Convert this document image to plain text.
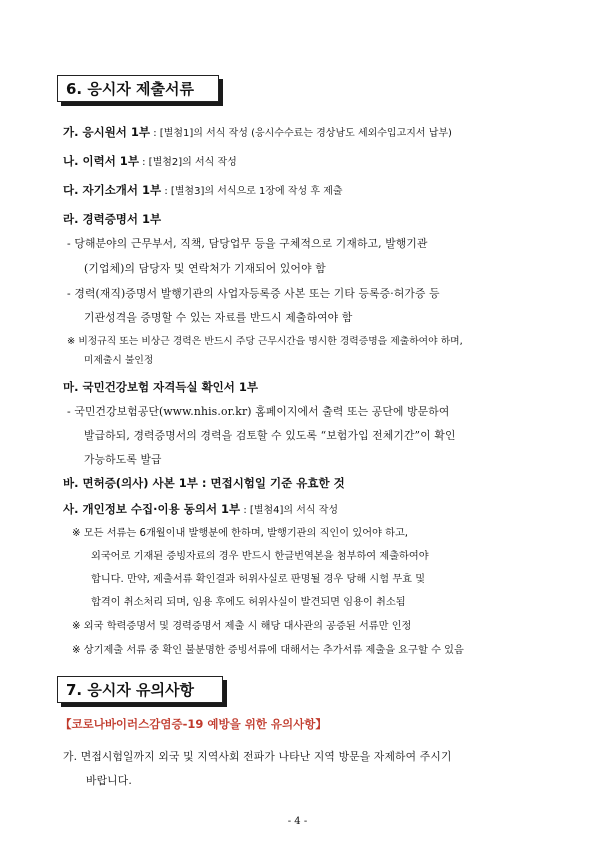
6. 응시자 제출서류
가. 응시원서 1부 : [별첨1]의 서식 작성 (응시수수료는 경상남도 세외수입고지서 납부)
나. 이력서 1부 : [별첨2]의 서식 작성
다. 자기소개서 1부 : [별첨3]의 서식으로 1장에 작성 후 제출
라. 경력증명서 1부
- 당해분야의 근무부서, 직책, 담당업무 등을 구체적으로 기재하고, 발행기관
(기업체)의 담당자 및 연락처가 기재되어 있어야 함
- 경력(재직)증명서 발행기관의 사업자등록증 사본 또는 기타 등록증·허가증 등
기관성격을 증명할 수 있는 자료를 반드시 제출하여야 함
※ 비정규직 또는 비상근 경력은 반드시 주당 근무시간을 명시한 경력증명을 제출하여야 하며,
미제출시 불인정
마. 국민건강보험 자격득실 확인서 1부
- 국민건강보험공단(www.nhis.or.kr) 홈페이지에서 출력 또는 공단에 방문하여
발급하되, 경력증명서의 경력을 검토할 수 있도록 “보험가입 전체기간”이 확인
가능하도록 발급
바. 면허증(의사) 사본 1부 : 면접시험일 기준 유효한 것
사. 개인정보 수집·이용 동의서 1부 : [별첨4]의 서식 작성
※ 모든 서류는 6개월이내 발행분에 한하며, 발행기관의 직인이 있어야 하고,
외국어로 기재된 증빙자료의 경우 반드시 한글번역본을 첨부하여 제출하여야
합니다. 만약, 제출서류 확인결과 허위사실로 판명될 경우 당해 시험 무효 및
합격이 취소처리 되며, 임용 후에도 허위사실이 발견되면 임용이 취소됨
※ 외국 학력증명서 및 경력증명서 제출 시 해당 대사관의 공증된 서류만 인정
※ 상기제출 서류 중 확인 불분명한 증빙서류에 대해서는 추가서류 제출을 요구할 수 있음
7. 응시자 유의사항
【코로나바이러스감염증-19 예방을 위한 유의사항】
가. 면접시험일까지 외국 및 지역사회 전파가 나타난 지역 방문을 자제하여 주시기
바랍니다.
- 4 -
